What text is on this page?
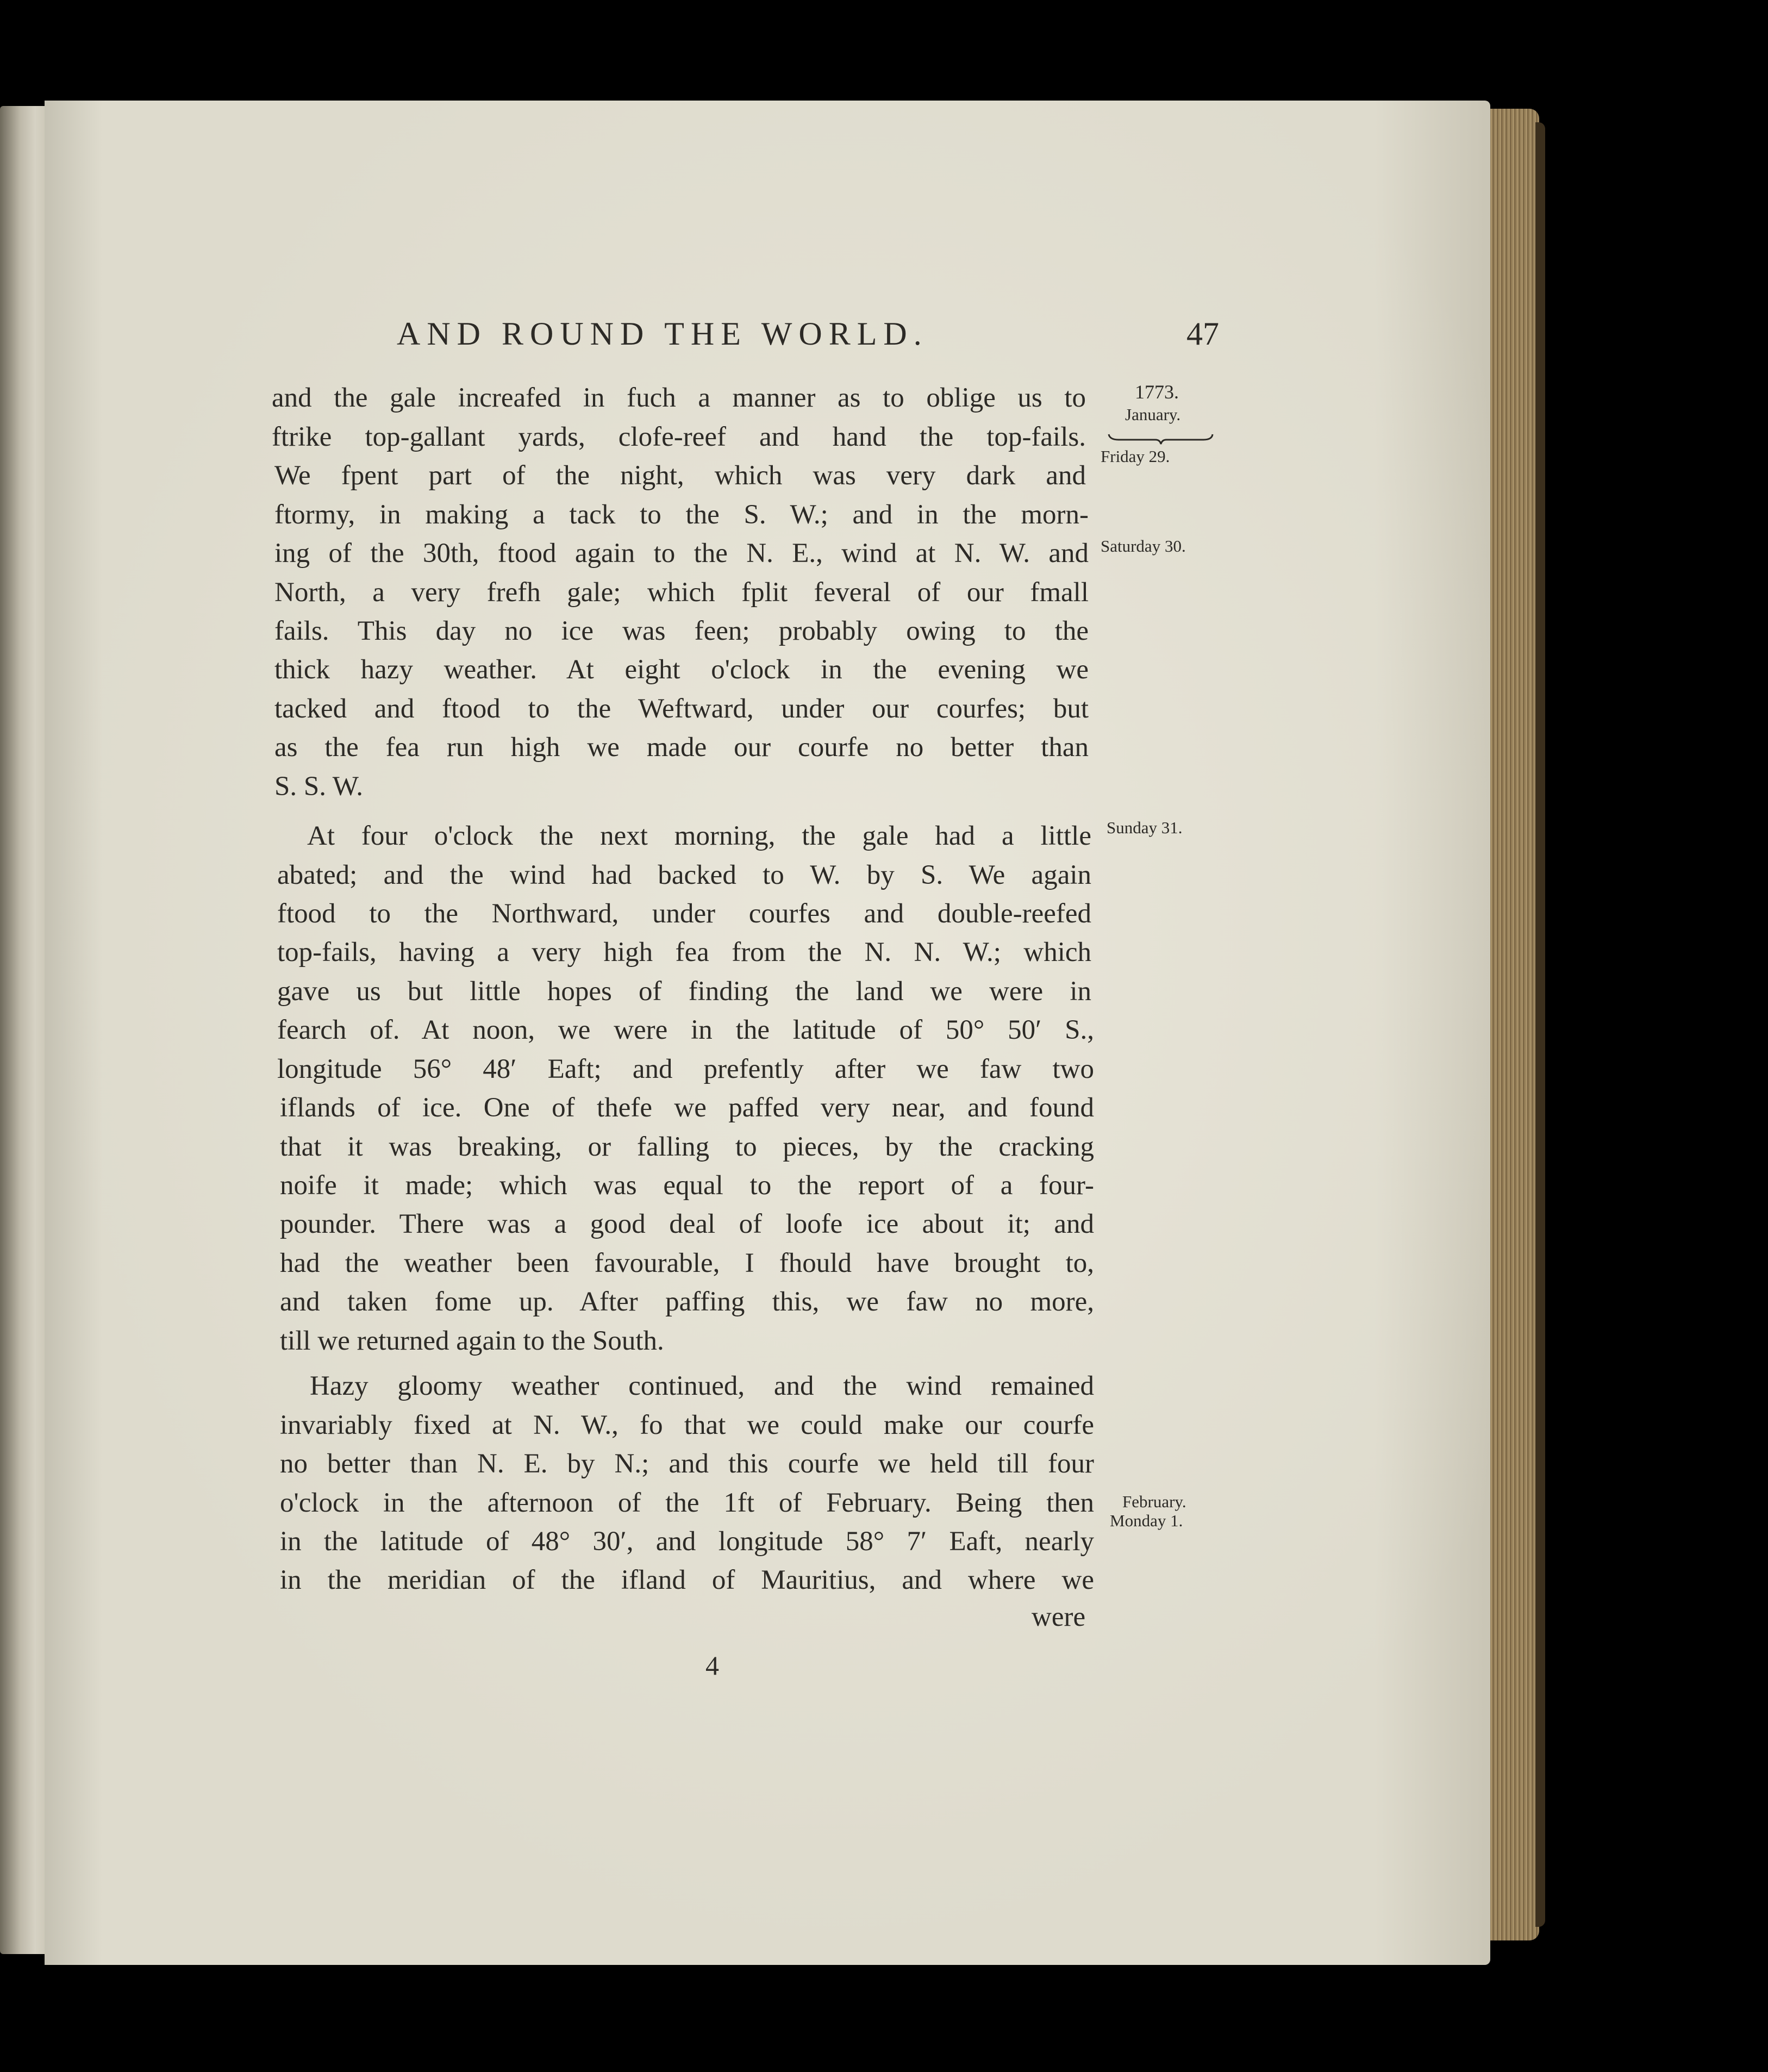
AND ROUND THE WORLD.	47
1773.
January.
Friday 29.
Saturday 30.
Sunday 31.
February.
Monday 1.
and the gale increafed in fuch a manner as to oblige us to
ftrike top-gallant yards, clofe-reef and hand the top-fails.
We fpent part of the night, which was very dark and
ftormy, in making a tack to the S. W.; and in the morn-
ing of the 30th, ftood again to the N. E., wind at N. W. and
North, a very frefh gale; which fplit feveral of our fmall
fails. This day no ice was feen; probably owing to the
thick hazy weather. At eight o'clock in the evening we
tacked and ftood to the Weftward, under our courfes; but
as the fea run high we made our courfe no better than
S. S. W.
At four o'clock the next morning, the gale had a little
abated; and the wind had backed to W. by S. We again
ftood to the Northward, under courfes and double-reefed
top-fails, having a very high fea from the N. N. W.; which
gave us but little hopes of finding the land we were in
fearch of. At noon, we were in the latitude of 50° 50′ S.,
longitude 56° 48′ Eaft; and prefently after we faw two
iflands of ice. One of thefe we paffed very near, and found
that it was breaking, or falling to pieces, by the cracking
noife it made; which was equal to the report of a four-
pounder. There was a good deal of loofe ice about it; and
had the weather been favourable, I fhould have brought to,
and taken fome up. After paffing this, we faw no more,
till we returned again to the South.
Hazy gloomy weather continued, and the wind remained
invariably fixed at N. W., fo that we could make our courfe
no better than N. E. by N.; and this courfe we held till four
o'clock in the afternoon of the 1ft of February. Being then
in the latitude of 48° 30′, and longitude 58° 7′ Eaft, nearly
in the meridian of the ifland of Mauritius, and where we
were
4
